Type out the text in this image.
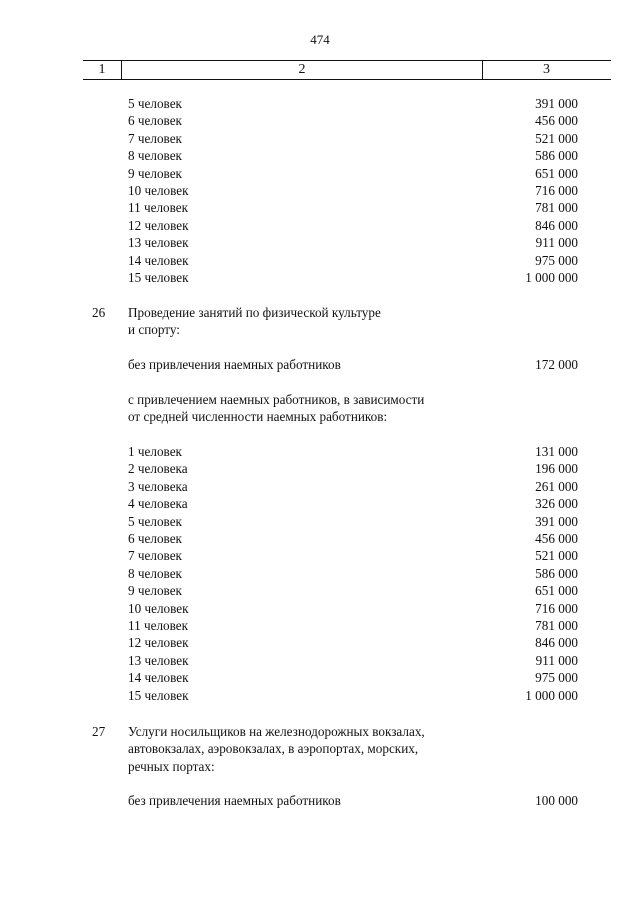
474
1	2	3
5 человек	391 000
6 человек	456 000
7 человек	521 000
8 человек	586 000
9 человек	651 000
10 человек	716 000
11 человек	781 000
12 человек	846 000
13 человек	911 000
14 человек	975 000
15 человек	1 000 000
26 Проведение занятий по физической культуре
и спорту:
без привлечения наемных работников	172 000
с привлечением наемных работников, в зависимости
от средней численности наемных работников:
1 человек	131 000
2 человека	196 000
3 человека	261 000
4 человека	326 000
5 человек	391 000
6 человек	456 000
7 человек	521 000
8 человек	586 000
9 человек	651 000
10 человек	716 000
11 человек	781 000
12 человек	846 000
13 человек	911 000
14 человек	975 000
15 человек	1 000 000
27 Услуги носильщиков на железнодорожных вокзалах,
автовокзалах, аэровокзалах, в аэропортах, морских,
речных портах:
без привлечения наемных работников	100 000
